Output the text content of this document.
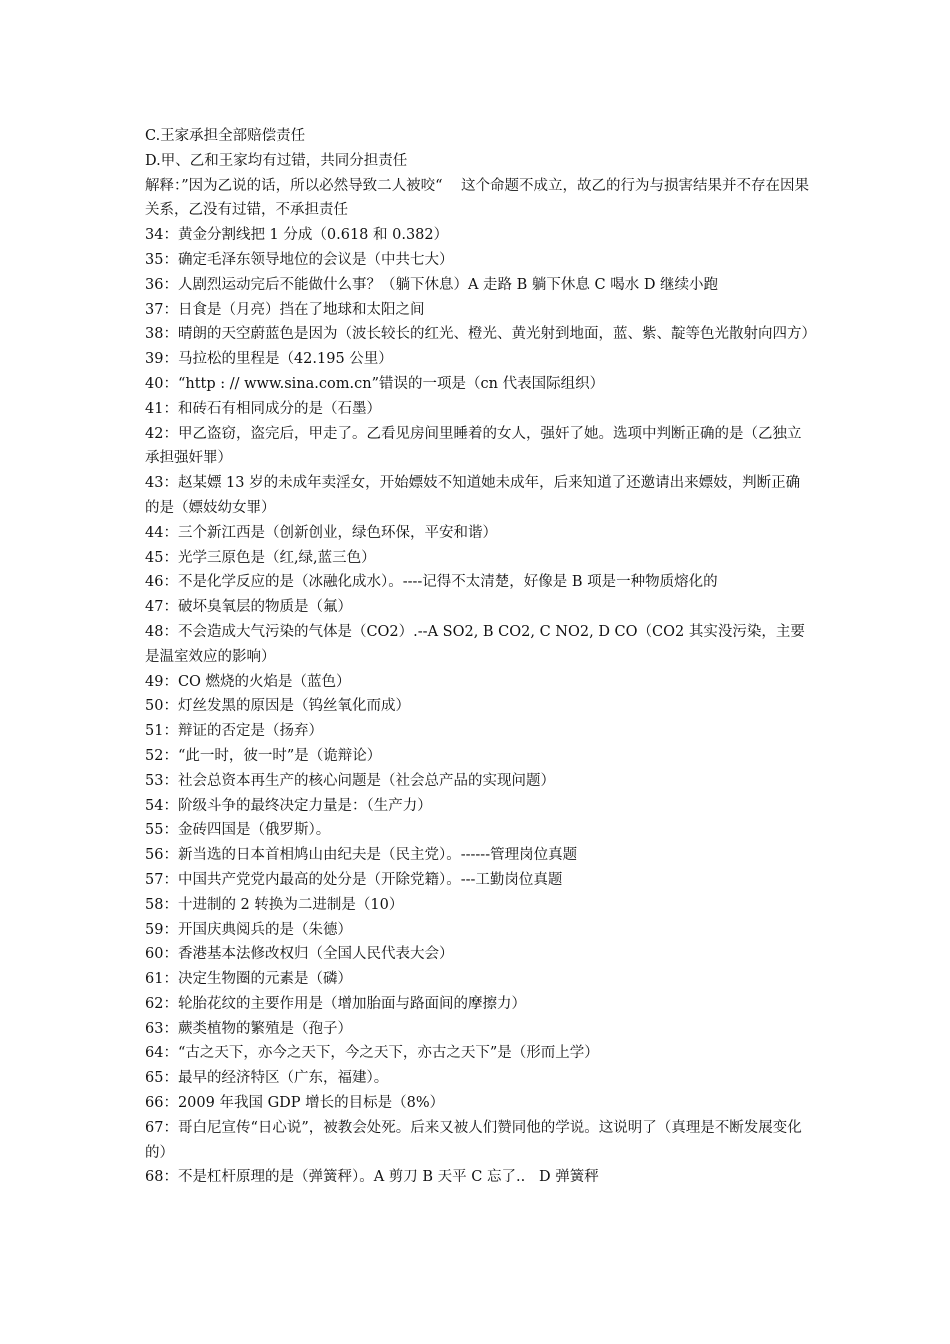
C.王家承担全部赔偿责任

D.甲、乙和王家均有过错，共同分担责任

解释：”因为乙说的话，所以必然导致二人被咬“    这个命题不成立，故乙的行为与损害结果并不存在因果关系，乙没有过错，不承担责任

34：黄金分割线把 1 分成（0.618 和 0.382）

35：确定毛泽东领导地位的会议是（中共七大）

36：人剧烈运动完后不能做什么事？（躺下休息）A 走路 B 躺下休息 C 喝水 D 继续小跑

37：日食是（月亮）挡在了地球和太阳之间

38：晴朗的天空蔚蓝色是因为（波长较长的红光、橙光、黄光射到地面，蓝、紫、靛等色光散射向四方）

39：马拉松的里程是（42.195 公里）

40：“http : // www.sina.com.cn”错误的一项是（cn 代表国际组织）

41：和砖石有相同成分的是（石墨）

42：甲乙盗窃，盗完后，甲走了。乙看见房间里睡着的女人，强奸了她。选项中判断正确的是（乙独立承担强奸罪）

43：赵某嫖 13 岁的未成年卖淫女，开始嫖妓不知道她未成年，后来知道了还邀请出来嫖妓，判断正确的是（嫖妓幼女罪）

44：三个新江西是（创新创业，绿色环保，平安和谐）

45：光学三原色是（红,绿,蓝三色）

46：不是化学反应的是（冰融化成水）。----记得不太清楚，好像是 B 项是一种物质熔化的

47：破坏臭氧层的物质是（氟）

48：不会造成大气污染的气体是（CO2）.--A SO2, B CO2, C NO2, D CO（CO2 其实没污染，主要是温室效应的影响）

49：CO 燃烧的火焰是（蓝色）

50：灯丝发黑的原因是（钨丝氧化而成）

51：辩证的否定是（扬弃）

52：“此一时，彼一时”是（诡辩论）

53：社会总资本再生产的核心问题是（社会总产品的实现问题）

54：阶级斗争的最终决定力量是：（生产力）

55：金砖四国是（俄罗斯）。

56：新当选的日本首相鸠山由纪夫是（民主党）。------管理岗位真题

57：中国共产党党内最高的处分是（开除党籍）。---工勤岗位真题

58：十进制的 2 转换为二进制是（10）

59：开国庆典阅兵的是（朱德）

60：香港基本法修改权归（全国人民代表大会）

61：决定生物圈的元素是（磷）

62：轮胎花纹的主要作用是（增加胎面与路面间的摩擦力）

63：蕨类植物的繁殖是（孢子）

64：“古之天下，亦今之天下，今之天下，亦古之天下”是（形而上学）

65：最早的经济特区（广东，福建）。

66：2009 年我国 GDP 增长的目标是（8%）

67：哥白尼宣传“日心说”，被教会处死。后来又被人们赞同他的学说。这说明了（真理是不断发展变化的）

68：不是杠杆原理的是（弹簧秤）。A 剪刀 B 天平 C 忘了..   D 弹簧秤
